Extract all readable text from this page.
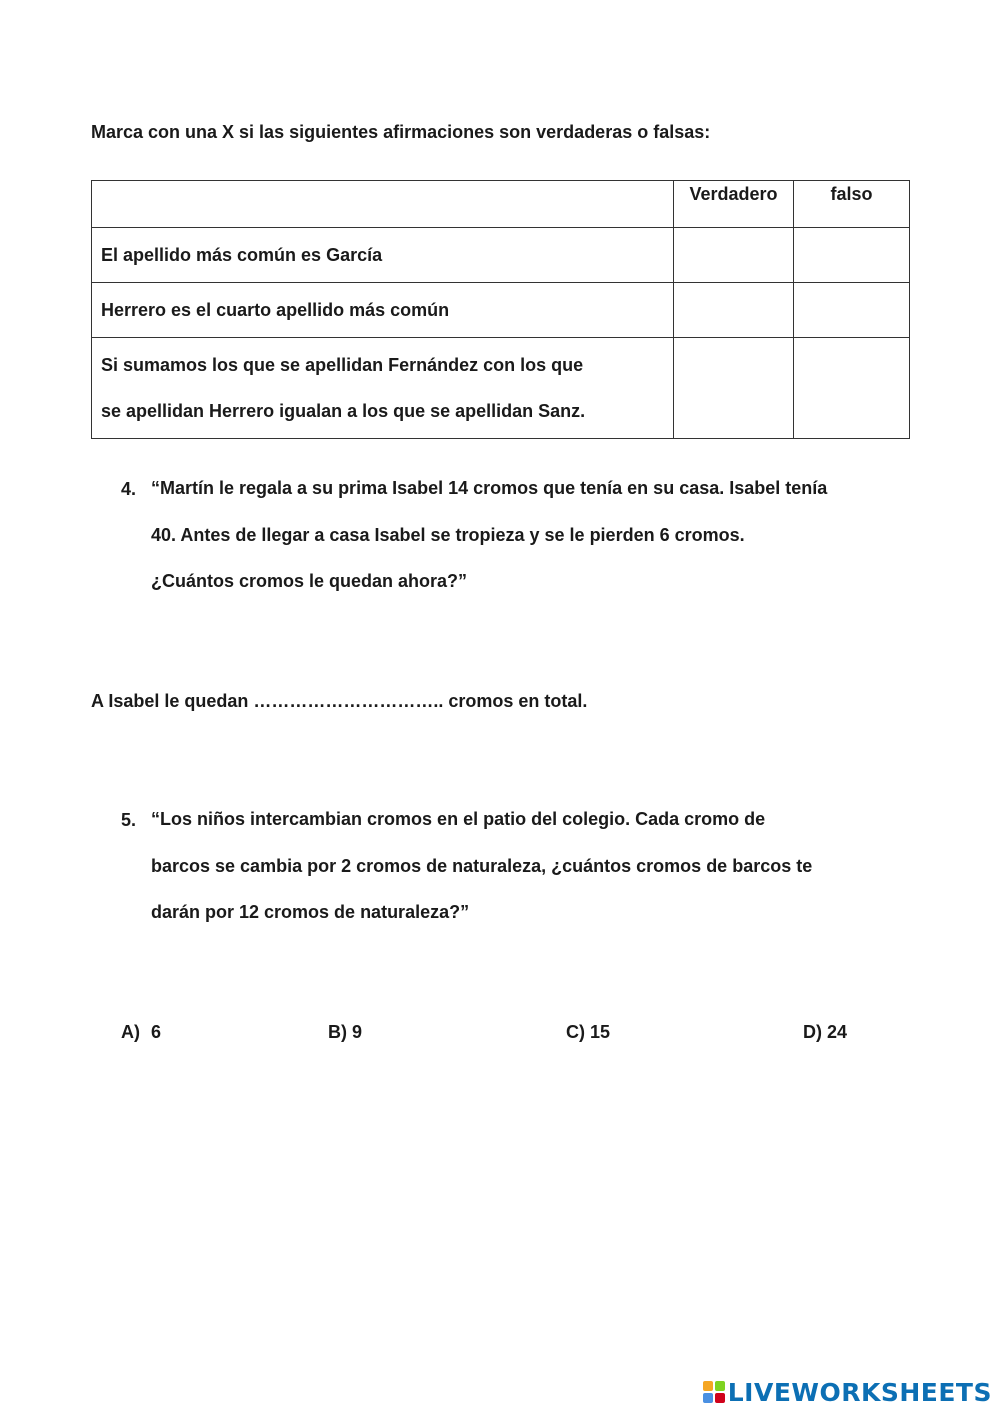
Marca con una X si las siguientes afirmaciones son verdaderas o falsas:
	Verdadero	falso
El apellido más común es García		
Herrero es el cuarto apellido más común		

Si sumamos los que se apellidan Fernández con los que
se apellidan Herrero igualan a los que se apellidan Sanz.		

4. “Martín le regala a su prima Isabel 14 cromos que tenía en su casa. Isabel tenía
40. Antes de llegar a casa Isabel se tropieza y se le pierden 6 cromos.
¿Cuántos cromos le quedan ahora?”
A Isabel le quedan ………………………….. cromos en total.
5. “Los niños intercambian cromos en el patio del colegio. Cada cromo de
barcos se cambia por 2 cromos de naturaleza, ¿cuántos cromos de barcos te
darán por 12 cromos de naturaleza?”
A) 6	B) 9	C) 15	D) 24
LIVEWORKSHEETS
